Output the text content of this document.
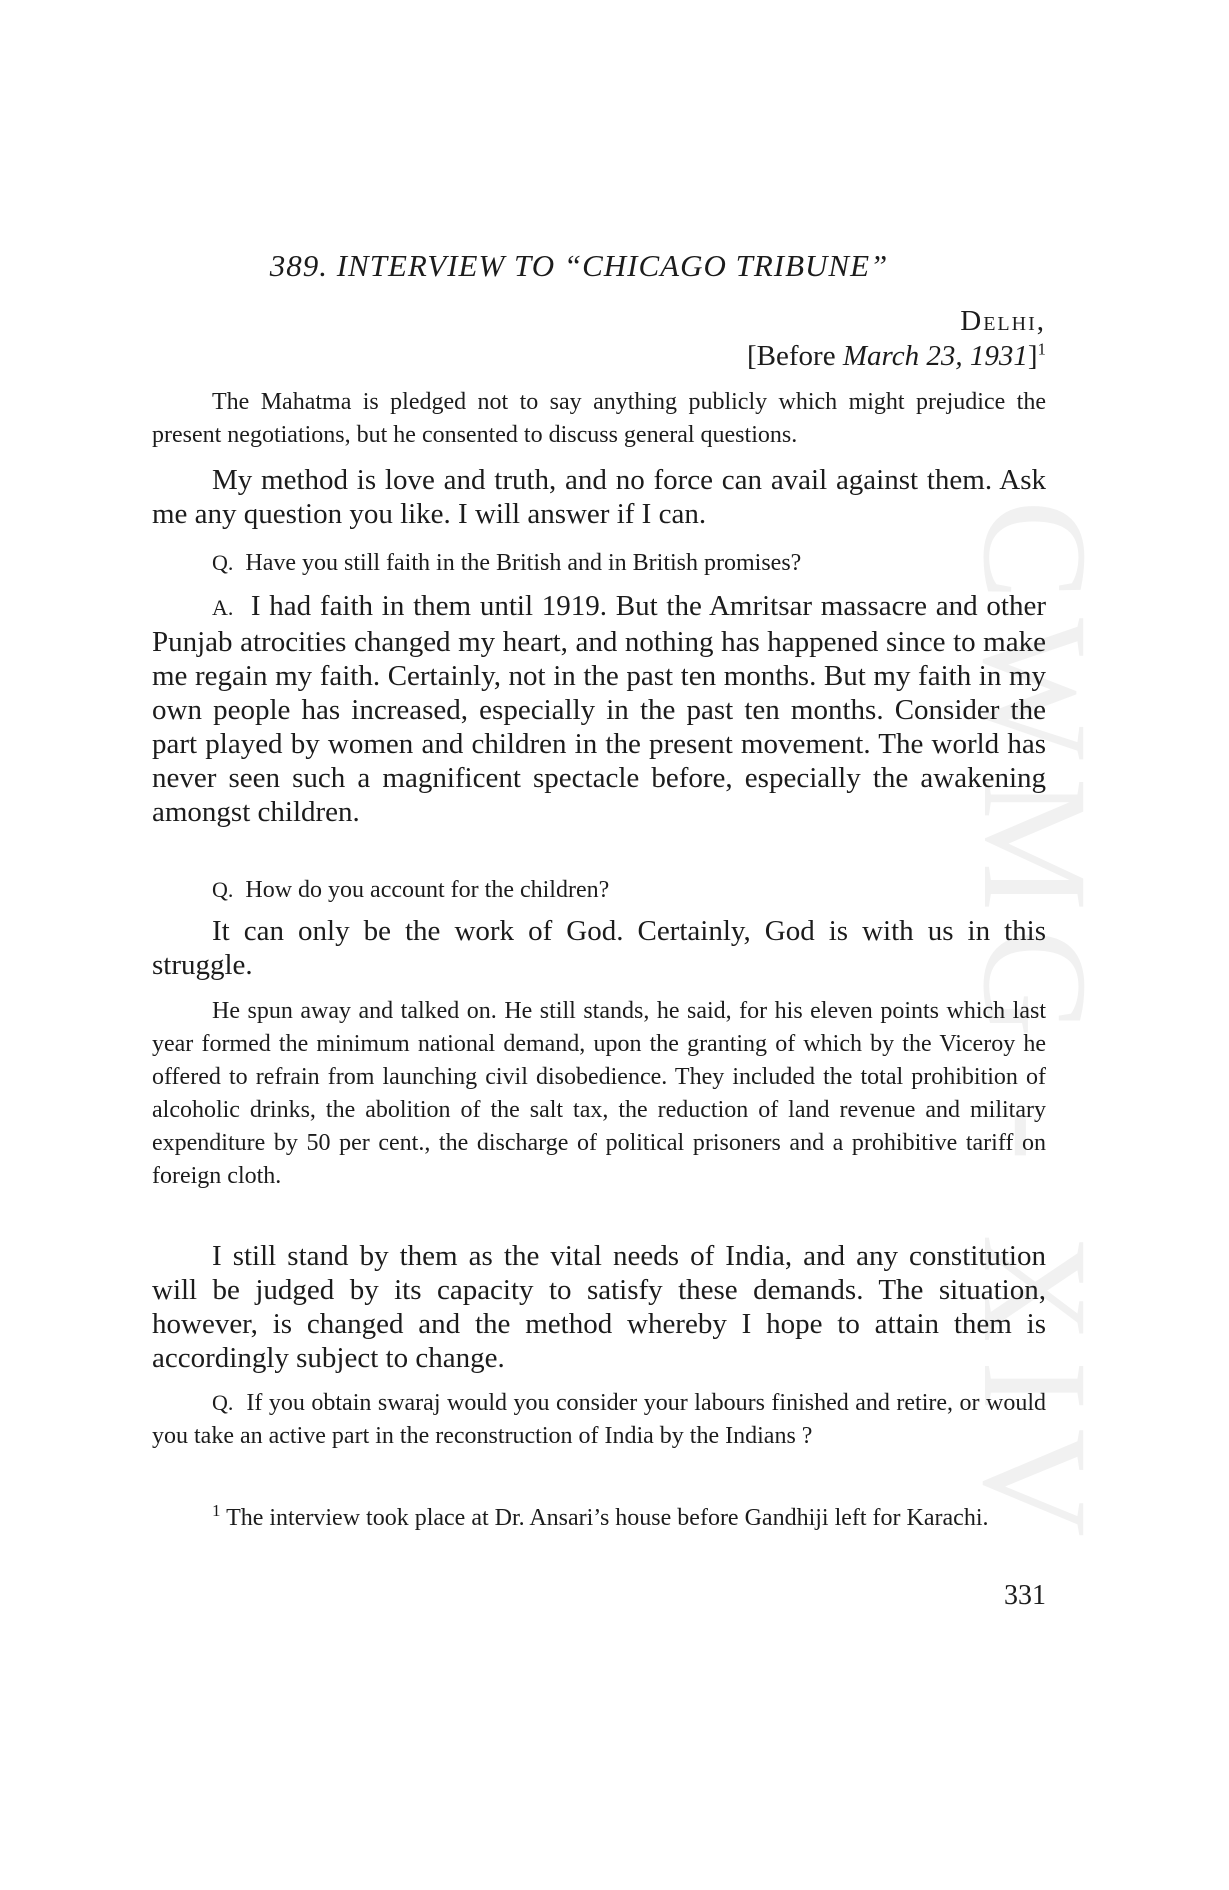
CWMG - XIV
389. INTERVIEW TO “CHICAGO TRIBUNE”
Delhi,
[Before March 23, 1931]$^1$

The Mahatma is pledged not to say anything publicly which might prejudice the present negotiations, but he consented to discuss general questions.

My method is love and truth, and no force can avail against them. Ask me any question you like. I will answer if I can.

Q. Have you still faith in the British and in British promises?

A. I had faith in them until 1919. But the Amritsar massacre and other Punjab atrocities changed my heart, and nothing has happened since to make me regain my faith. Certainly, not in the past ten months. But my faith in my own people has increased, especially in the past ten months. Consider the part played by women and children in the present movement. The world has never seen such a magnificent spectacle before, especially the awakening amongst children.

Q. How do you account for the children?

It can only be the work of God. Certainly, God is with us in this struggle.

He spun away and talked on. He still stands, he said, for his eleven points which last year formed the minimum national demand, upon the granting of which by the Viceroy he offered to refrain from launching civil disobedience. They included the total prohibition of alcoholic drinks, the abolition of the salt tax, the reduction of land revenue and military expenditure by 50 per cent., the discharge of political prisoners and a prohibitive tariff on foreign cloth.

I still stand by them as the vital needs of India, and any constitution will be judged by its capacity to satisfy these demands. The situation, however, is changed and the method whereby I hope to attain them is accordingly subject to change.

Q. If you obtain swaraj would you consider your labours finished and retire, or would you take an active part in the reconstruction of India by the Indians ?

$^1$ The interview took place at Dr. Ansari’s house before Gandhiji left for Karachi.
331
